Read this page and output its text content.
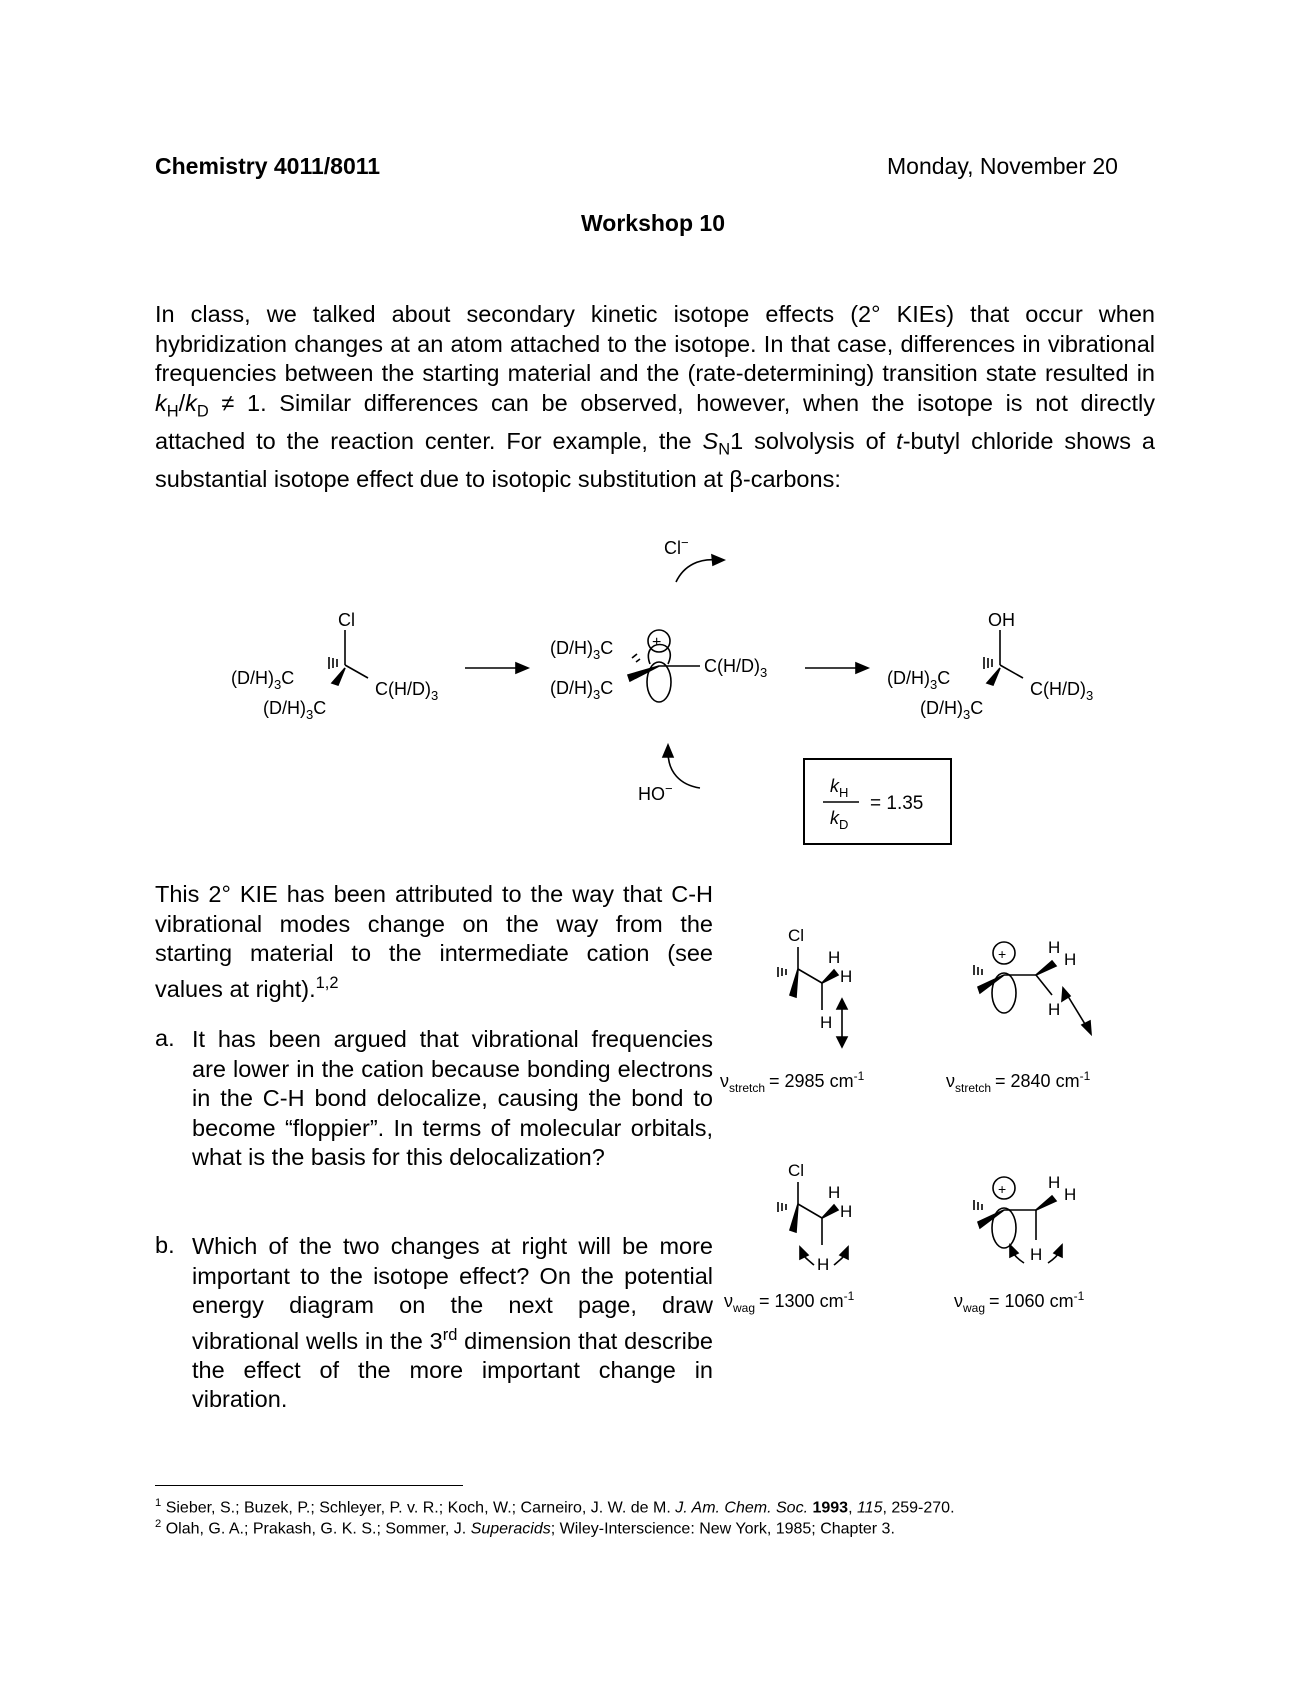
Chemistry 4011/8011	Monday, November 20
Workshop 10
In class, we talked about secondary kinetic isotope effects (2° KIEs) that occur when hybridization changes at an atom attached to the isotope. In that case, differences in vibrational frequencies between the starting material and the (rate-determining) transition state resulted in $k_H/k_D \ne 1$. Similar differences can be observed, however, when the isotope is not directly attached to the reaction center. For example, the $S_N1$ solvolysis of t-butyl chloride shows a substantial isotope effect due to isotopic substitution at β-carbons:
Cl
$(D/H)_3C$
$C(H/D)_3$
$(D/H)_3C$
$(D/H)_3C$
$(D/H)_3C$
$C(H/D)_3$
+
Cl−
HO−
OH
$(D/H)_3C$
$C(H/D)_3$
$(D/H)_3C$
$k_H$
$k_D$
= 1.35
This 2° KIE has been attributed to the way that C-H vibrational modes change on the way from the starting material to the intermediate cation (see values at right).$^{1,2}$
a. It has been argued that vibrational frequencies are lower in the cation because bonding electrons in the C-H bond delocalize, causing the bond to become “floppier”. In terms of molecular orbitals, what is the basis for this delocalization?
b. Which of the two changes at right will be more important to the isotope effect? On the potential energy diagram on the next page, draw vibrational wells in the 3rd dimension that describe the effect of the more important change in vibration.
Cl
H
H
H
+ H
H
H
Cl
H
H
H
+ H
H
H
$\nu_{stretch} = 2985$ $cm^{-1}$	$\nu_{stretch} = 2840$ $cm^{-1}$
$\nu_{wag} = 1300$ $cm^{-1}$	$\nu_{wag} = 1060$ $cm^{-1}$
$^1$ Sieber, S.; Buzek, P.; Schleyer, P. v. R.; Koch, W.; Carneiro, J. W. de M. J. Am. Chem. Soc. 1993, 115, 259-270.
$^2$ Olah, G. A.; Prakash, G. K. S.; Sommer, J. Superacids; Wiley-Interscience: New York, 1985; Chapter 3.
